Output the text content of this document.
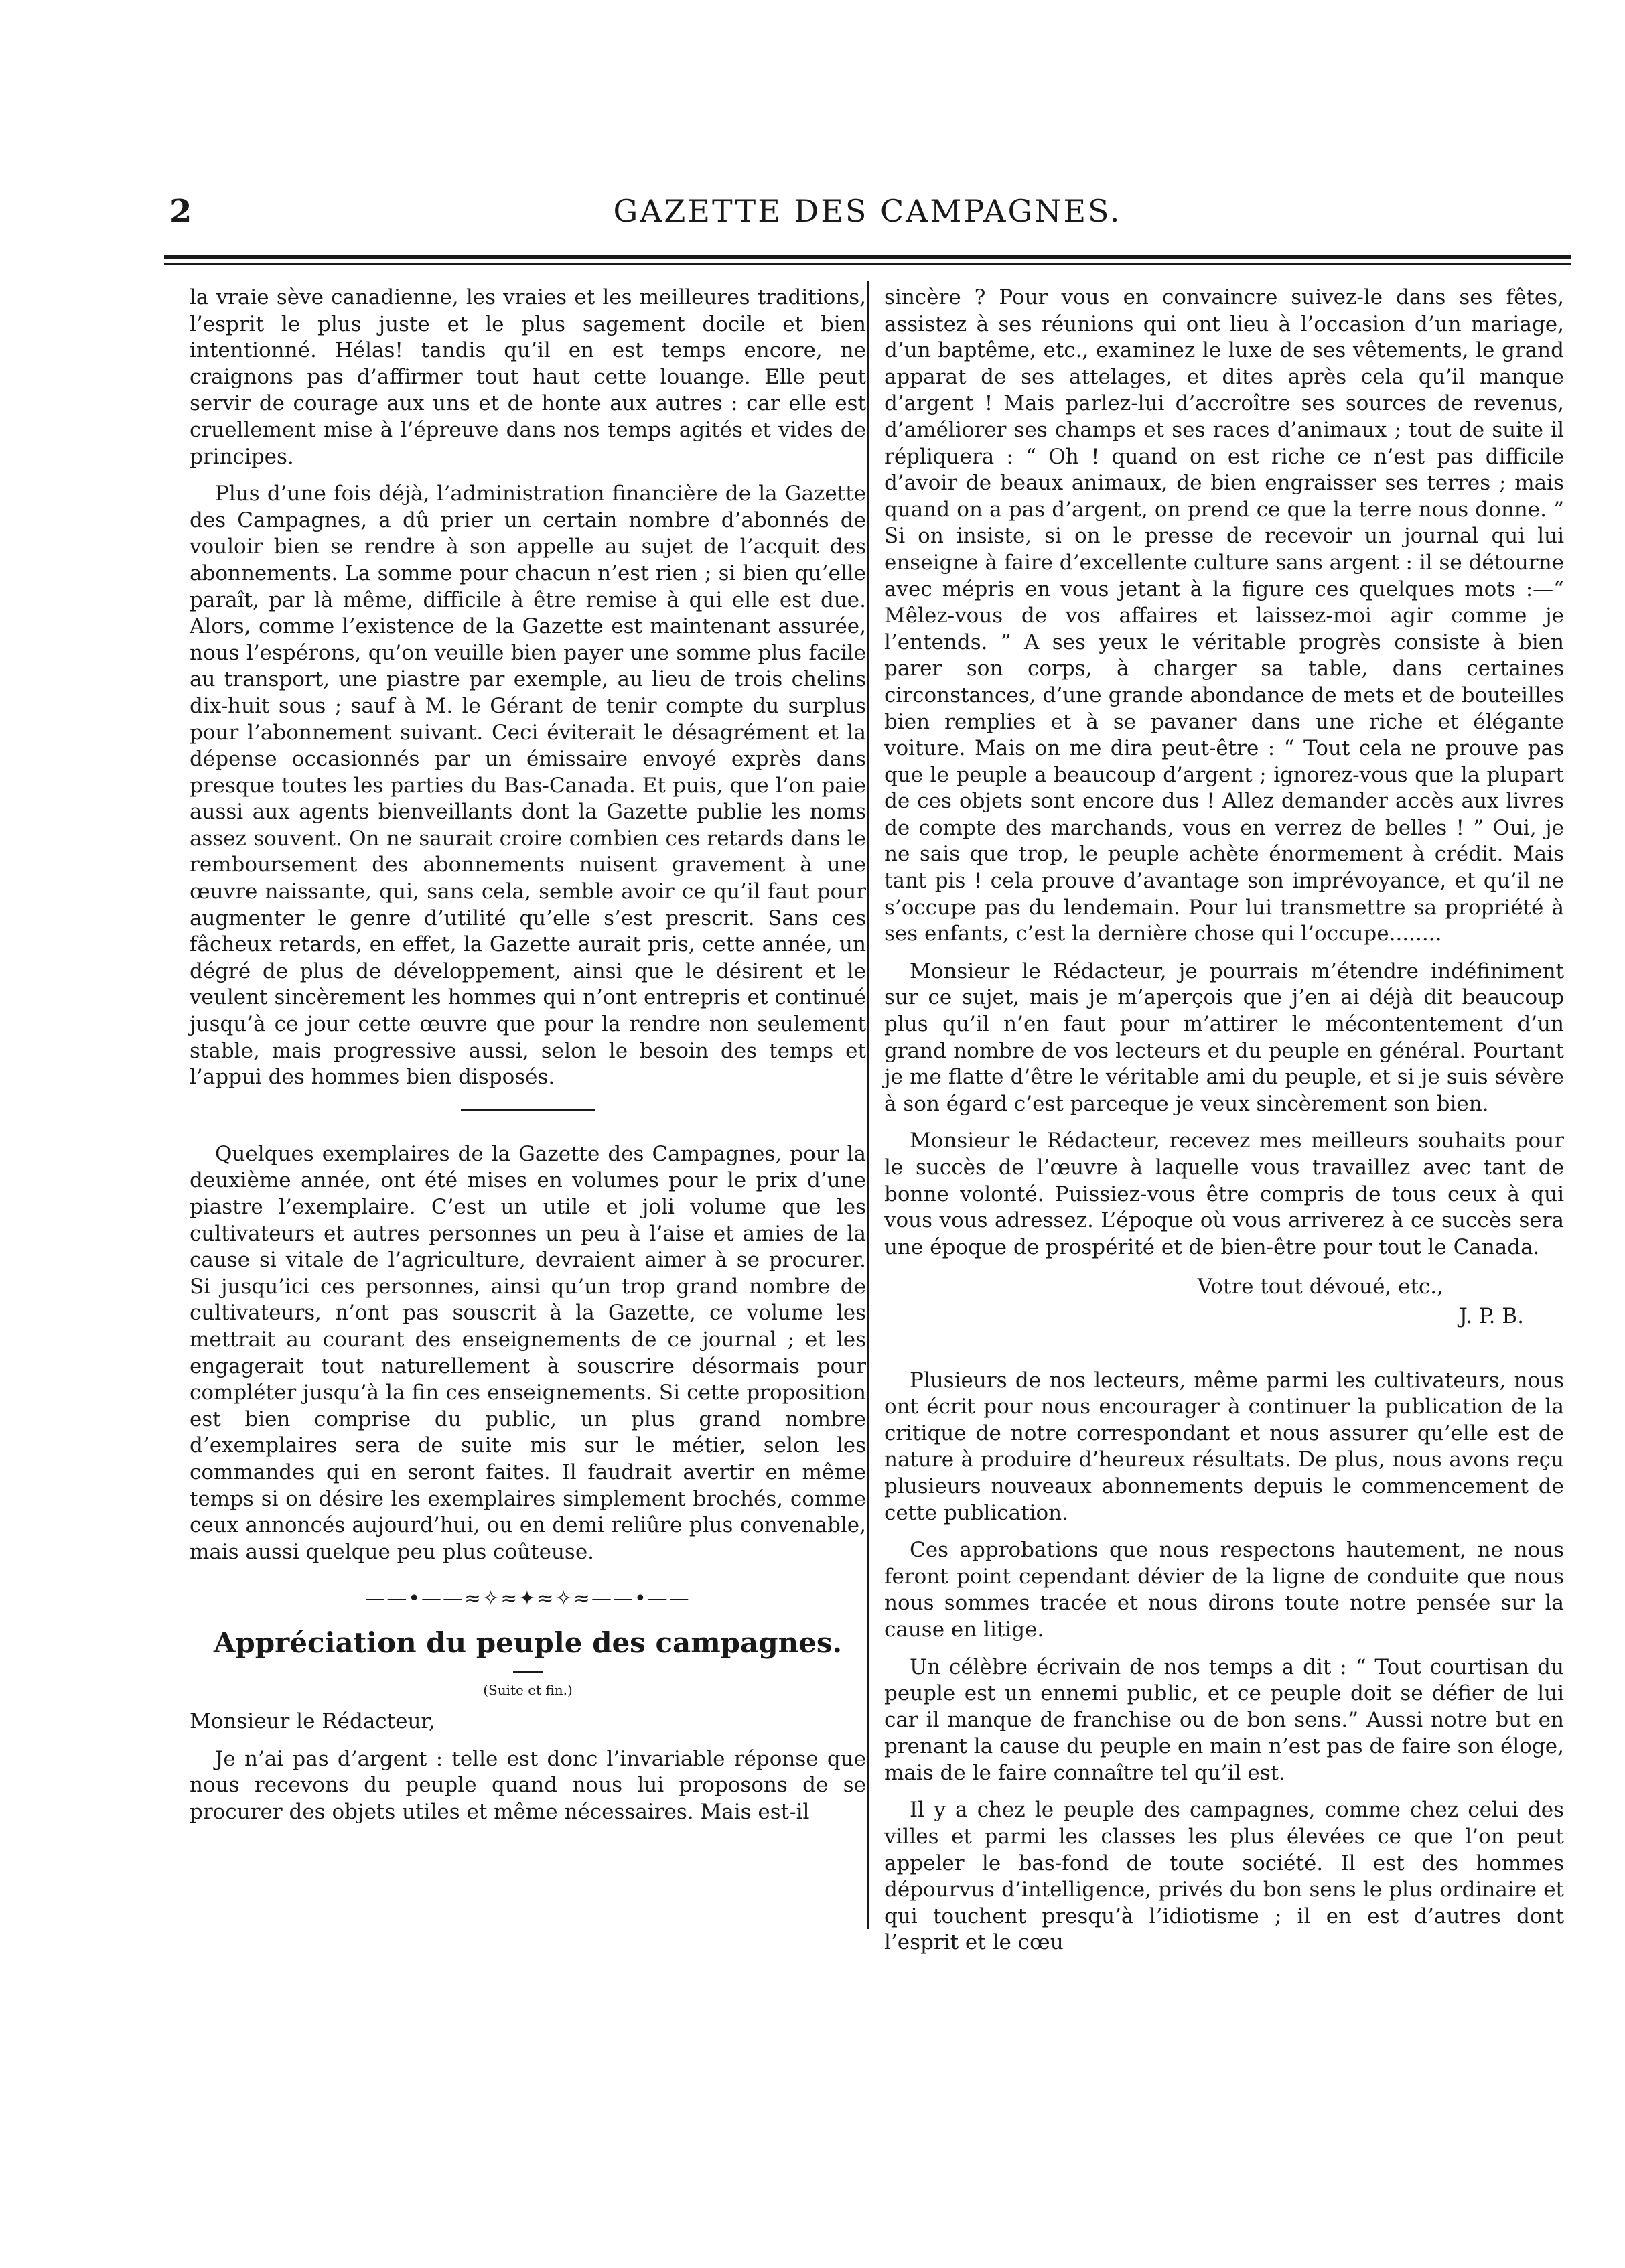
2	GAZETTE DES CAMPAGNES.

la vraie sève canadienne, les vraies et les meilleures traditions, l’esprit le plus juste et le plus sagement docile et bien intentionné. Hélas! tandis qu’il en est temps encore, ne craignons pas d’affirmer tout haut cette louange. Elle peut servir de courage aux uns et de honte aux autres : car elle est cruellement mise à l’épreuve dans nos temps agités et vides de principes.

Plus d’une fois déjà, l’administration financière de la Gazette des Campagnes, a dû prier un certain nombre d’abonnés de vouloir bien se rendre à son appelle au sujet de l’acquit des abonnements. La somme pour chacun n’est rien ; si bien qu’elle paraît, par là même, difficile à être remise à qui elle est due. Alors, comme l’existence de la Gazette est maintenant assurée, nous l’espérons, qu’on veuille bien payer une somme plus facile au transport, une piastre par exemple, au lieu de trois chelins dix-huit sous ; sauf à M. le Gérant de tenir compte du surplus pour l’abonnement suivant. Ceci éviterait le désagrément et la dépense occasionnés par un émissaire envoyé exprès dans presque toutes les parties du Bas-Canada. Et puis, que l’on paie aussi aux agents bienveillants dont la Gazette publie les noms assez souvent. On ne saurait croire combien ces retards dans le remboursement des abonnements nuisent gravement à une œuvre naissante, qui, sans cela, semble avoir ce qu’il faut pour augmenter le genre d’utilité qu’elle s’est prescrit. Sans ces fâcheux retards, en effet, la Gazette aurait pris, cette année, un dégré de plus de développement, ainsi que le désirent et le veulent sincèrement les hommes qui n’ont entrepris et continué jusqu’à ce jour cette œuvre que pour la rendre non seulement stable, mais progressive aussi, selon le besoin des temps et l’appui des hommes bien disposés.

Quelques exemplaires de la Gazette des Campagnes, pour la deuxième année, ont été mises en volumes pour le prix d’une piastre l’exemplaire. C’est un utile et joli volume que les cultivateurs et autres personnes un peu à l’aise et amies de la cause si vitale de l’agriculture, devraient aimer à se procurer. Si jusqu’ici ces personnes, ainsi qu’un trop grand nombre de cultivateurs, n’ont pas souscrit à la Gazette, ce volume les mettrait au courant des enseignements de ce journal ; et les engagerait tout naturellement à souscrire désormais pour compléter jusqu’à la fin ces enseignements. Si cette proposition est bien comprise du public, un plus grand nombre d’exemplaires sera de suite mis sur le métier, selon les commandes qui en seront faites. Il faudrait avertir en même temps si on désire les exemplaires simplement brochés, comme ceux annoncés aujourd’hui, ou en demi reliûre plus convenable, mais aussi quelque peu plus coûteuse.

——•——≈✧≈✦≈✧≈——•——
Appréciation du peuple des campagnes.
(Suite et fin.)

Monsieur le Rédacteur,

Je n’ai pas d’argent : telle est donc l’invariable réponse que nous recevons du peuple quand nous lui proposons de se procurer des objets utiles et même nécessaires. Mais est-il

sincère ? Pour vous en convaincre suivez-le dans ses fêtes, assistez à ses réunions qui ont lieu à l’occasion d’un mariage, d’un baptême, etc., examinez le luxe de ses vêtements, le grand apparat de ses attelages, et dites après cela qu’il manque d’argent ! Mais parlez-lui d’accroître ses sources de revenus, d’améliorer ses champs et ses races d’animaux ; tout de suite il répliquera : “ Oh ! quand on est riche ce n’est pas difficile d’avoir de beaux animaux, de bien engraisser ses terres ; mais quand on a pas d’argent, on prend ce que la terre nous donne. ” Si on insiste, si on le presse de recevoir un journal qui lui enseigne à faire d’excellente culture sans argent : il se détourne avec mépris en vous jetant à la figure ces quelques mots :—“ Mêlez-vous de vos affaires et laissez-moi agir comme je l’entends. ” A ses yeux le véritable progrès consiste à bien parer son corps, à charger sa table, dans certaines circonstances, d’une grande abondance de mets et de bouteilles bien remplies et à se pavaner dans une riche et élégante voiture. Mais on me dira peut-être : “ Tout cela ne prouve pas que le peuple a beaucoup d’argent ; ignorez-vous que la plupart de ces objets sont encore dus ! Allez demander accès aux livres de compte des marchands, vous en verrez de belles ! ” Oui, je ne sais que trop, le peuple achète énormement à crédit. Mais tant pis ! cela prouve d’avantage son imprévoyance, et qu’il ne s’occupe pas du lendemain. Pour lui transmettre sa propriété à ses enfants, c’est la dernière chose qui l’occupe........

Monsieur le Rédacteur, je pourrais m’étendre indéfiniment sur ce sujet, mais je m’aperçois que j’en ai déjà dit beaucoup plus qu’il n’en faut pour m’attirer le mécontentement d’un grand nombre de vos lecteurs et du peuple en général. Pourtant je me flatte d’être le véritable ami du peuple, et si je suis sévère à son égard c’est parceque je veux sincèrement son bien.

Monsieur le Rédacteur, recevez mes meilleurs souhaits pour le succès de l’œuvre à laquelle vous travaillez avec tant de bonne volonté. Puissiez-vous être compris de tous ceux à qui vous vous adressez. L’époque où vous arriverez à ce succès sera une époque de prospérité et de bien-être pour tout le Canada.

Votre tout dévoué, etc.,
J. P. B.

Plusieurs de nos lecteurs, même parmi les cultivateurs, nous ont écrit pour nous encourager à continuer la publication de la critique de notre correspondant et nous assurer qu’elle est de nature à produire d’heureux résultats. De plus, nous avons reçu plusieurs nouveaux abonnements depuis le commencement de cette publication.

Ces approbations que nous respectons hautement, ne nous feront point cependant dévier de la ligne de conduite que nous nous sommes tracée et nous dirons toute notre pensée sur la cause en litige.

Un célèbre écrivain de nos temps a dit : “ Tout courtisan du peuple est un ennemi public, et ce peuple doit se défier de lui car il manque de franchise ou de bon sens.” Aussi notre but en prenant la cause du peuple en main n’est pas de faire son éloge, mais de le faire connaître tel qu’il est.

Il y a chez le peuple des campagnes, comme chez celui des villes et parmi les classes les plus élevées ce que l’on peut appeler le bas-fond de toute société. Il est des hommes dépourvus d’intelligence, privés du bon sens le plus ordinaire et qui touchent presqu’à l’idiotisme ; il en est d’autres dont l’esprit et le cœu
